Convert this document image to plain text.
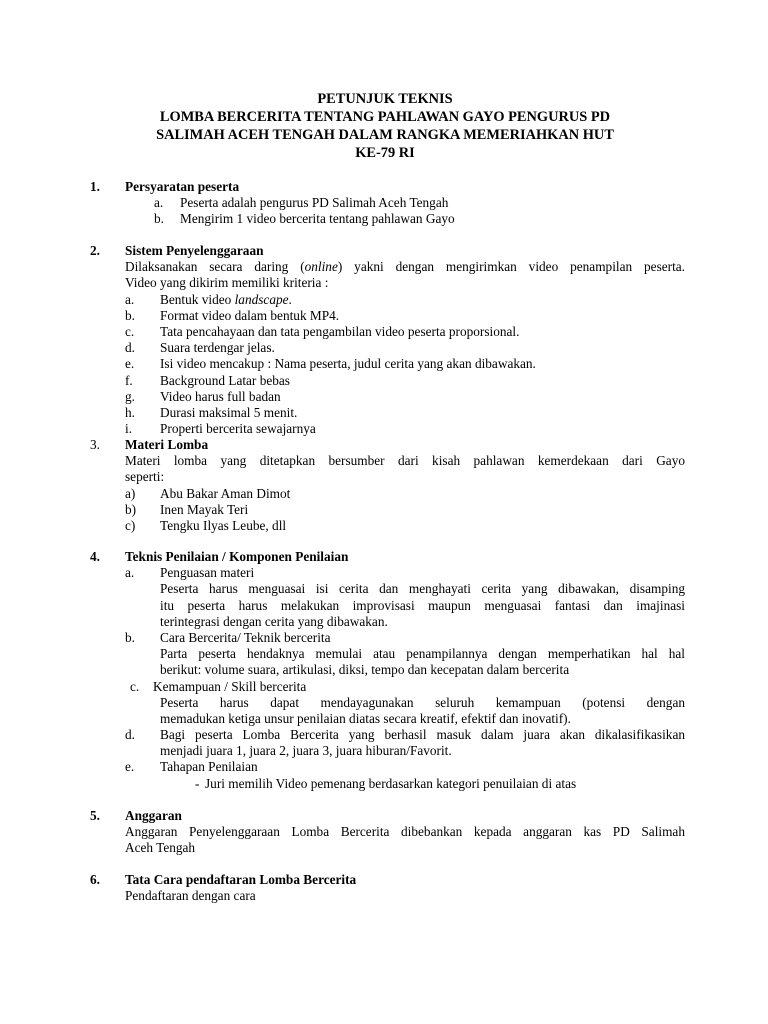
PETUNJUK TEKNIS
LOMBA BERCERITA TENTANG PAHLAWAN GAYO PENGURUS PD
SALIMAH ACEH TENGAH DALAM RANGKA MEMERIAHKAN HUT
KE-79 RI
1. Persyaratan peserta
a. Peserta adalah pengurus PD Salimah Aceh Tengah
b. Mengirim 1 video bercerita tentang pahlawan Gayo
2. Sistem Penyelenggaraan
Dilaksanakan secara daring (online) yakni dengan mengirimkan video penampilan peserta.
Video yang dikirim memiliki kriteria :
a. Bentuk video landscape.
b. Format video dalam bentuk MP4.
c. Tata pencahayaan dan tata pengambilan video peserta proporsional.
d. Suara terdengar jelas.
e. Isi video mencakup : Nama peserta, judul cerita yang akan dibawakan.
f. Background Latar bebas
g. Video harus full badan
h. Durasi maksimal 5 menit.
i. Properti bercerita sewajarnya
3. Materi Lomba
Materi lomba yang ditetapkan bersumber dari kisah pahlawan kemerdekaan dari Gayo
seperti:
a) Abu Bakar Aman Dimot
b) Inen Mayak Teri
c) Tengku Ilyas Leube, dll
4. Teknis Penilaian / Komponen Penilaian
a. Penguasan materi
Peserta harus menguasai isi cerita dan menghayati cerita yang dibawakan, disamping
itu peserta harus melakukan improvisasi maupun menguasai fantasi dan imajinasi
terintegrasi dengan cerita yang dibawakan.
b. Cara Bercerita/ Teknik bercerita
Parta peserta hendaknya memulai atau penampilannya dengan memperhatikan hal hal
berikut: volume suara, artikulasi, diksi, tempo dan kecepatan dalam bercerita
c. Kemampuan / Skill bercerita
Peserta harus dapat mendayagunakan seluruh kemampuan (potensi dengan
memadukan ketiga unsur penilaian diatas secara kreatif, efektif dan inovatif).
d. Bagi peserta Lomba Bercerita yang berhasil masuk dalam juara akan dikalasifikasikan
menjadi juara 1, juara 2, juara 3, juara hiburan/Favorit.
e. Tahapan Penilaian
- Juri memilih Video pemenang berdasarkan kategori penuilaian di atas
5. Anggaran
Anggaran Penyelenggaraan Lomba Bercerita dibebankan kepada anggaran kas PD Salimah
Aceh Tengah
6. Tata Cara pendaftaran Lomba Bercerita
Pendaftaran dengan cara
